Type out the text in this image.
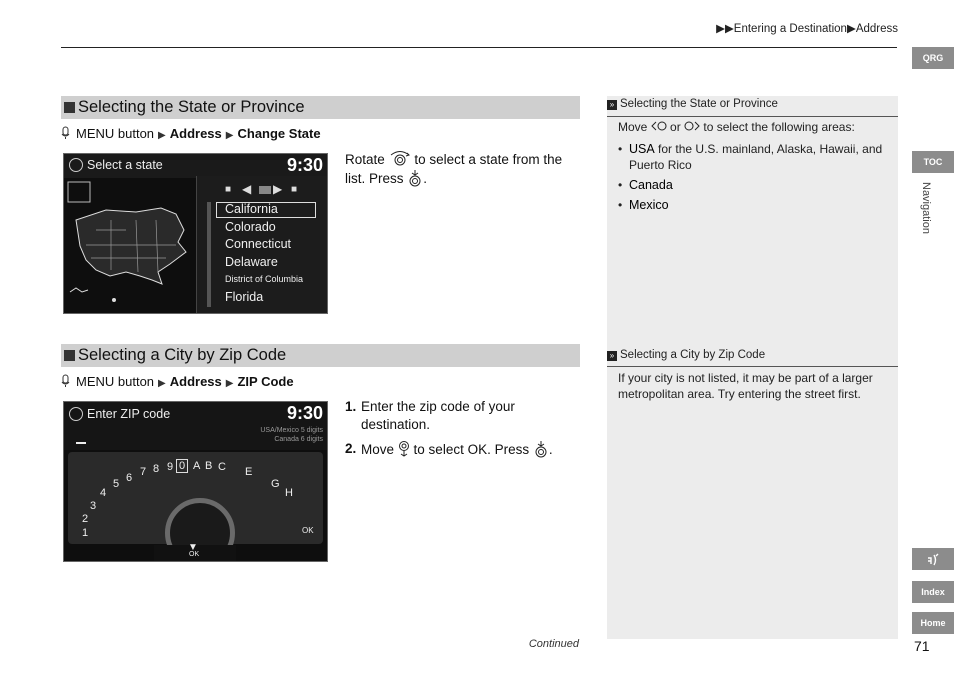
▶▶Entering a Destination▶Address
QRG
TOC
Navigation
Index
Home
71
Continued
Selecting the State or Province
MENU button ▶ Address ▶ Change State
Select a state	9:30
■ ◀ ▶ ■
California
Colorado
Connecticut
Delaware
District of Columbia
Florida
Rotate to select a state from the list. Press .
Selecting a City by Zip Code
MENU button ▶ Address ▶ ZIP Code
Enter ZIP code	9:30
USA/Mexico 5 digits
Canada 6 digits
1
2
3
4
5 6 7 8 9 0 A B C E
G
H
OK
▼
OK
1. Enter the zip code of your destination.
2. Move to select OK. Press .
» Selecting the State or Province
Move or to select the following areas:
• USA for the U.S. mainland, Alaska, Hawaii, and Puerto Rico
• Canada
• Mexico
» Selecting a City by Zip Code
If your city is not listed, it may be part of a larger metropolitan area. Try entering the street first.
